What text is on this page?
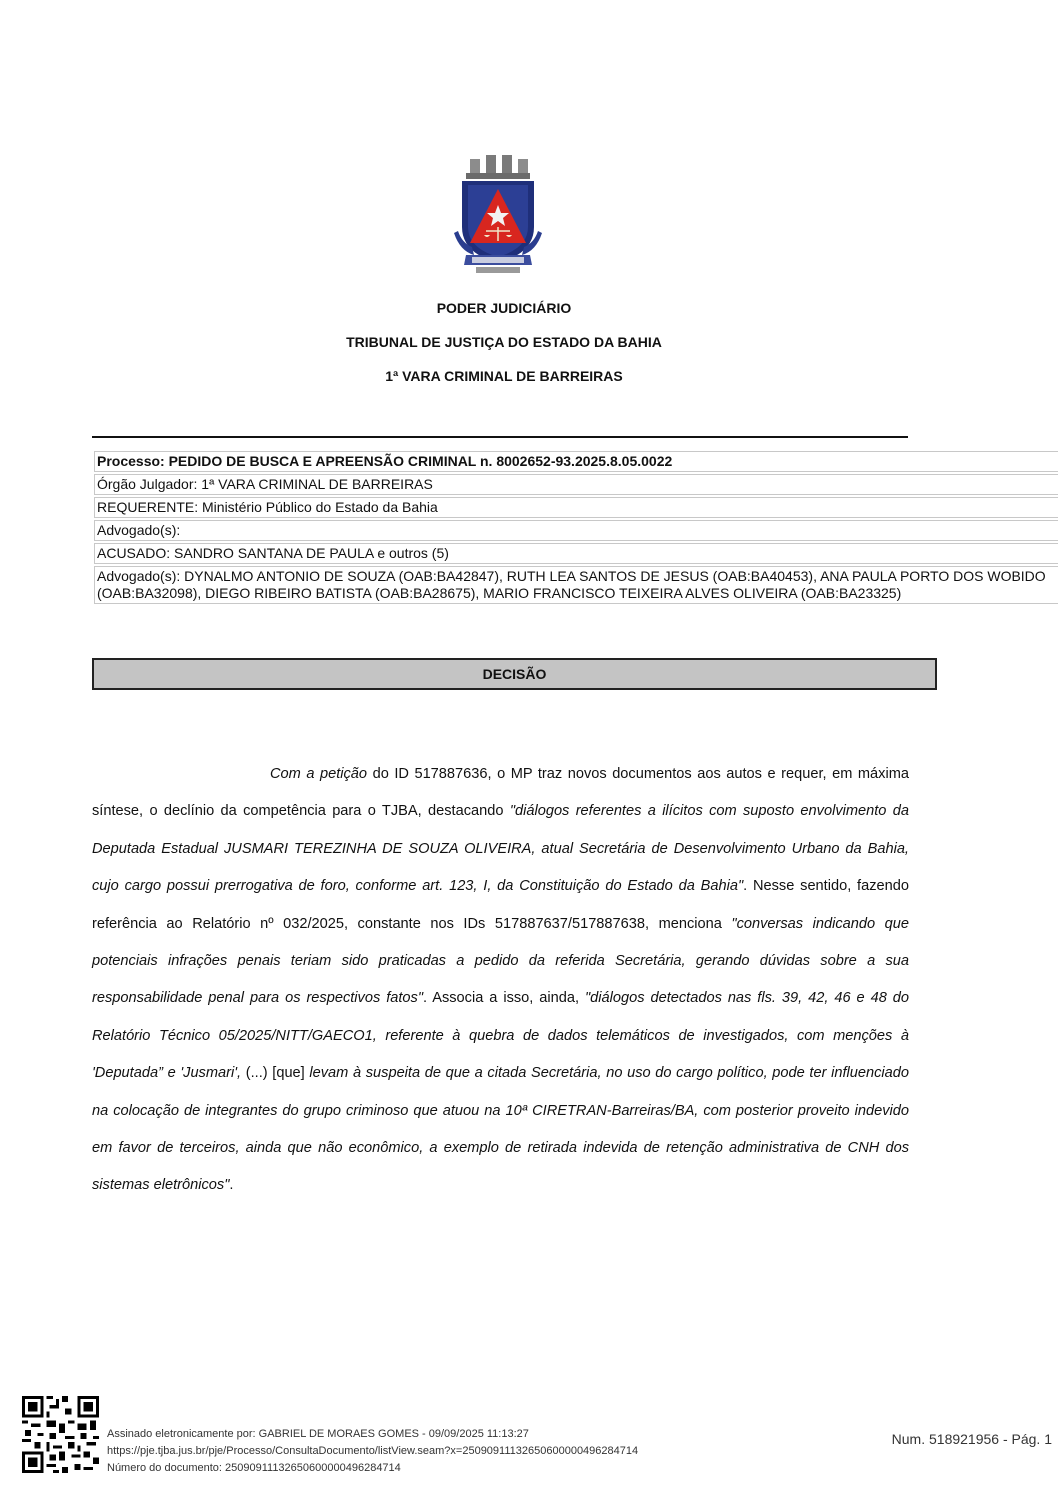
PODER JUDICIÁRIO
TRIBUNAL DE JUSTIÇA DO ESTADO DA BAHIA
1ª VARA CRIMINAL DE BARREIRAS
Processo: PEDIDO DE BUSCA E APREENSÃO CRIMINAL n. 8002652-93.2025.8.05.0022
Órgão Julgador: 1ª VARA CRIMINAL DE BARREIRAS
REQUERENTE: Ministério Público do Estado da Bahia
Advogado(s):
ACUSADO: SANDRO SANTANA DE PAULA e outros (5)
Advogado(s): DYNALMO ANTONIO DE SOUZA (OAB:BA42847), RUTH LEA SANTOS DE JESUS (OAB:BA40453), ANA PAULA PORTO DOS WOBIDO (OAB:BA32098), DIEGO RIBEIRO BATISTA (OAB:BA28675), MARIO FRANCISCO TEIXEIRA ALVES OLIVEIRA (OAB:BA23325)
DECISÃO
Com a petição do ID 517887636, o MP traz novos documentos aos autos e requer, em máxima síntese, o declínio da competência para o TJBA, destacando "diálogos referentes a ilícitos com suposto envolvimento da Deputada Estadual JUSMARI TEREZINHA DE SOUZA OLIVEIRA, atual Secretária de Desenvolvimento Urbano da Bahia, cujo cargo possui prerrogativa de foro, conforme art. 123, I, da Constituição do Estado da Bahia". Nesse sentido, fazendo referência ao Relatório nº 032/2025, constante nos IDs 517887637/517887638, menciona "conversas indicando que potenciais infrações penais teriam sido praticadas a pedido da referida Secretária, gerando dúvidas sobre a sua responsabilidade penal para os respectivos fatos". Associa a isso, ainda, "diálogos detectados nas fls. 39, 42, 46 e 48 do Relatório Técnico 05/2025/NITT/GAECO1, referente à quebra de dados telemáticos de investigados, com menções à 'Deputada” e 'Jusmari', (...) [que] levam à suspeita de que a citada Secretária, no uso do cargo político, pode ter influenciado na colocação de integrantes do grupo criminoso que atuou na 10ª CIRETRAN-Barreiras/BA, com posterior proveito indevido em favor de terceiros, ainda que não econômico, a exemplo de retirada indevida de retenção administrativa de CNH dos sistemas eletrônicos".
Assinado eletronicamente por: GABRIEL DE MORAES GOMES - 09/09/2025 11:13:27
https://pje.tjba.jus.br/pje/Processo/ConsultaDocumento/listView.seam?x=25090911132650600000496284714
Número do documento: 25090911132650600000496284714
Num. 518921956 - Pág. 1
